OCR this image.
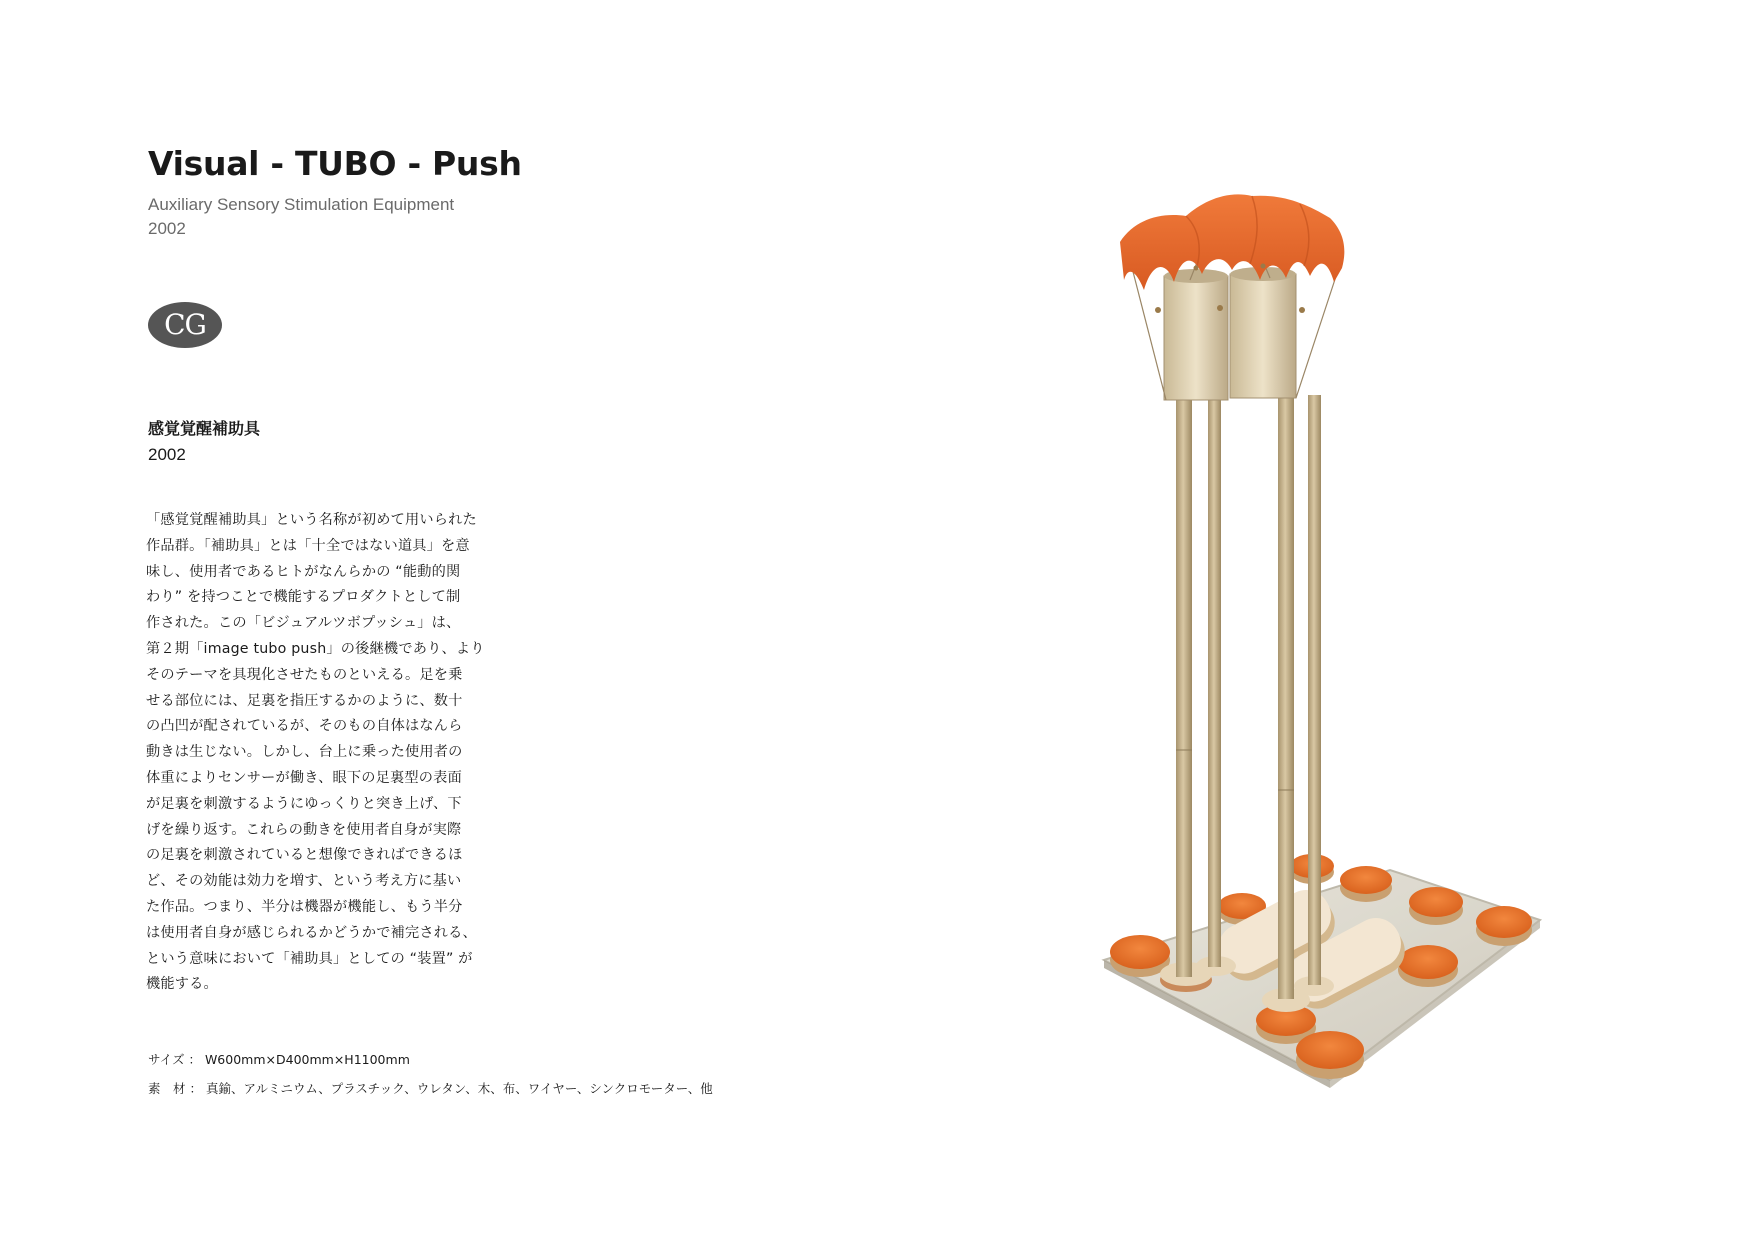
Visual - TUBO - Push
Auxiliary Sensory Stimulation Equipment
2002
CG
感覚覚醒補助具
2002
「感覚覚醒補助具」という名称が初めて用いられた
作品群。「補助具」とは「十全ではない道具」を意
味し、使用者であるヒトがなんらかの “能動的関
わり” を持つことで機能するプロダクトとして制
作された。この「ビジュアルツボプッシュ」は、
第２期「image tubo push」の後継機であり、より
そのテーマを具現化させたものといえる。足を乗
せる部位には、足裏を指圧するかのように、数十
の凸凹が配されているが、そのもの自体はなんら
動きは生じない。しかし、台上に乗った使用者の
体重によりセンサーが働き、眼下の足裏型の表面
が足裏を刺激するようにゆっくりと突き上げ、下
げを繰り返す。これらの動きを使用者自身が実際
の足裏を刺激されていると想像できればできるほ
ど、その効能は効力を増す、という考え方に基い
た作品。つまり、半分は機器が機能し、もう半分
は使用者自身が感じられるかどうかで補完される、
という意味において「補助具」としての “装置” が
機能する。
サイズ ： W600mm×D400mm×H1100mm
素　材 ： 真鍮、アルミニウム、プラスチック、ウレタン、木、布、ワイヤー、シンクロモーター、他
